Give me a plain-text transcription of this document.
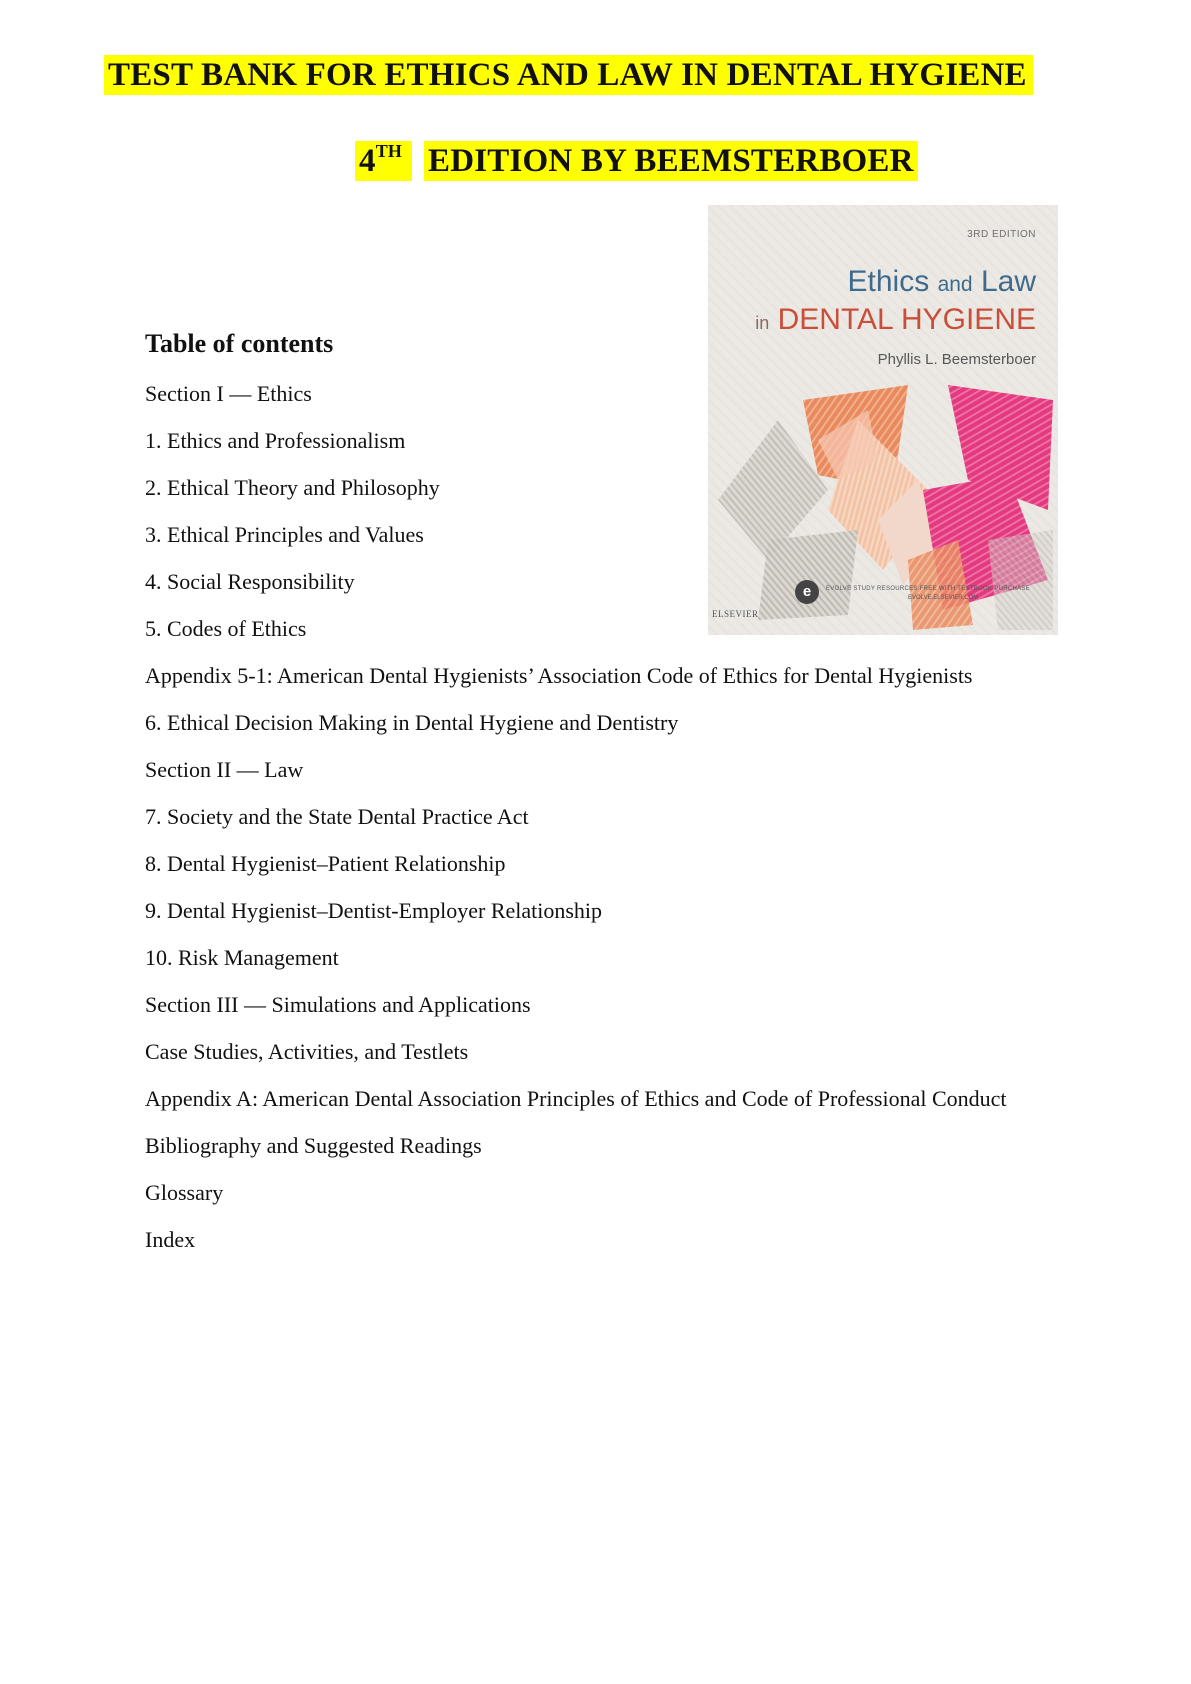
TEST BANK FOR ETHICS AND LAW IN DENTAL HYGIENE
4TH EDITION BY BEEMSTERBOER
3RD EDITION
Ethics and Law
in DENTAL HYGIENE
Phyllis L. Beemsterboer
e	EVOLVE STUDY RESOURCES FREE WITH TEXTBOOK PURCHASE
EVOLVE.ELSEVIER.COM
ELSEVIER
Table of contents
Section I — Ethics
1. Ethics and Professionalism
2. Ethical Theory and Philosophy
3. Ethical Principles and Values
4. Social Responsibility
5. Codes of Ethics
Appendix 5-1: American Dental Hygienists’ Association Code of Ethics for Dental Hygienists
6. Ethical Decision Making in Dental Hygiene and Dentistry
Section II — Law
7. Society and the State Dental Practice Act
8. Dental Hygienist–Patient Relationship
9. Dental Hygienist–Dentist-Employer Relationship
10. Risk Management
Section III — Simulations and Applications
Case Studies, Activities, and Testlets
Appendix A: American Dental Association Principles of Ethics and Code of Professional Conduct
Bibliography and Suggested Readings
Glossary
Index
